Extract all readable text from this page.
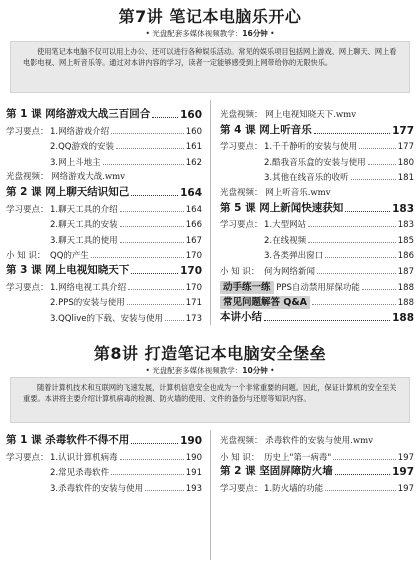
第7讲 笔记本电脑乐开心
• 光盘配套多媒体视频教学：16分钟 •
使用笔记本电脑不仅可以用上办公、还可以进行各种娱乐活动。常见的娱乐项目包括网上游戏、网上聊天、网上看电影电视、网上听音乐等。通过对本讲内容的学习，读者一定能够感受到上网带给你的无限快乐。
第 1 课 网络游戏大战三百回合	160
学习要点：1.网络游戏介绍	160
2.QQ游戏的安装	161
3.网上斗地主	162
光盘视频： 网络游戏大战.wmv
第 2 课 网上聊天结识知己	164
学习要点：1.聊天工具的介绍	164
2.聊天工具的安装	166
3.聊天工具的使用	167
小 知 识： QQ的产生	170
第 3 课 网上电视知晓天下	170
学习要点：1.网络电视工具介绍	170
2.PPS的安装与使用	171
3.QQlive的下载、安装与使用	173
光盘视频： 网上电视知晓天下.wmv
第 4 课 网上听音乐	177
学习要点：1.千千静听的安装与使用	177
2.酷我音乐盒的安装与使用	180
3.其他在线音乐的收听	181
光盘视频： 网上听音乐.wmv
第 5 课 网上新闻快速获知	183
学习要点：1.大型网站	183
2.在线视频	185
3.各类弹出窗口	186
小 知 识： 何为网络新闻	187
动手练一练 PPS自动禁用屏保功能	188
常见问题解答 Q&A	188
本讲小结	188
第8讲 打造笔记本电脑安全堡垒
• 光盘配套多媒体视频教学：10分钟 •
随着计算机技术和互联网的飞速发展，计算机信息安全也成为一个非常重要的问题。因此，保证计算机的安全至关重要。本讲将主要介绍计算机病毒的检测、防火墙的使用、文件的备份与还原等知识内容。
第 1 课 杀毒软件不得不用	190
学习要点：1.认识计算机病毒	190
2.常见杀毒软件	191
3.杀毒软件的安装与使用	193
光盘视频： 杀毒软件的安装与使用.wmv
小 知 识： 历史上"第一病毒"	197
第 2 课 坚固屏障防火墙	197
学习要点：1.防火墙的功能	197
